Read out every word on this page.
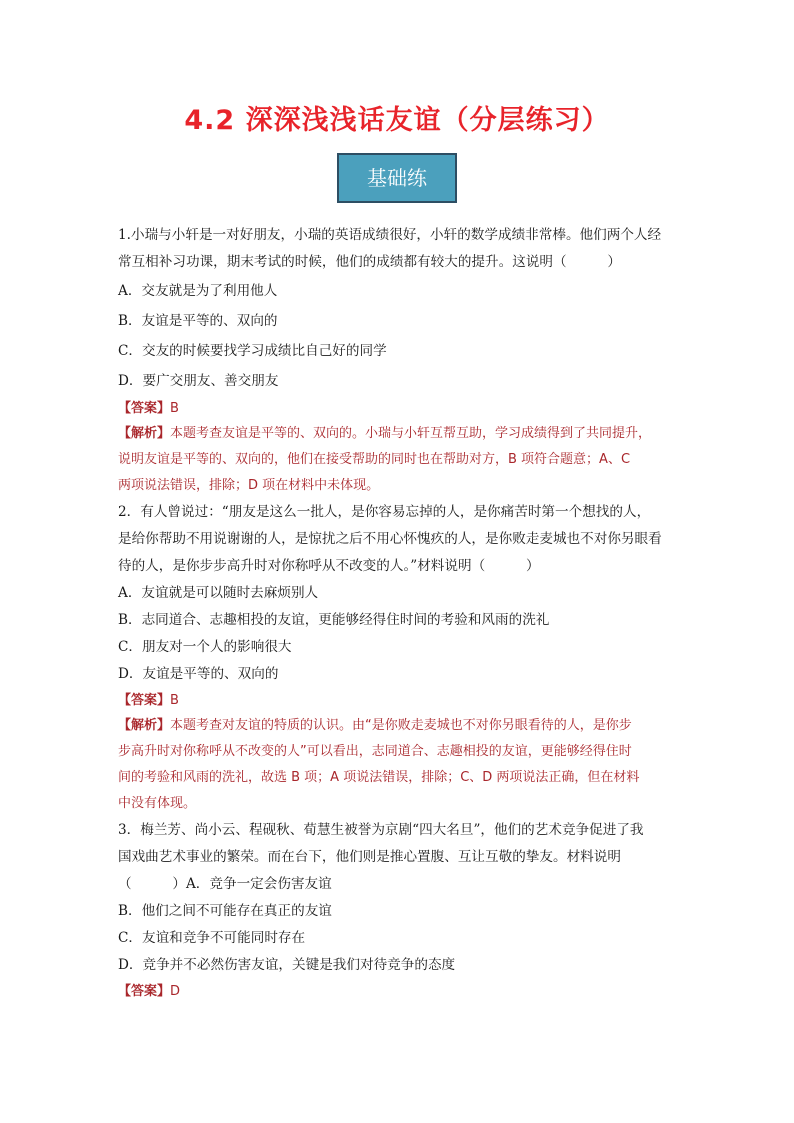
4.2 深深浅浅话友谊（分层练习）
基础练
1.小瑞与小轩是一对好朋友，小瑞的英语成绩很好，小轩的数学成绩非常棒。他们两个人经
常互相补习功课，期末考试的时候，他们的成绩都有较大的提升。这说明（　　　）
A．交友就是为了利用他人
B．友谊是平等的、双向的
C．交友的时候要找学习成绩比自己好的同学
D．要广交朋友、善交朋友
【答案】B
【解析】本题考查友谊是平等的、双向的。小瑞与小轩互帮互助，学习成绩得到了共同提升，
说明友谊是平等的、双向的，他们在接受帮助的同时也在帮助对方，B 项符合题意；A、C
两项说法错误，排除；D 项在材料中未体现。
2．有人曾说过：“朋友是这么一批人，是你容易忘掉的人，是你痛苦时第一个想找的人，
是给你帮助不用说谢谢的人，是惊扰之后不用心怀愧疚的人，是你败走麦城也不对你另眼看
待的人，是你步步高升时对你称呼从不改变的人。”材料说明（　　　）
A．友谊就是可以随时去麻烦别人
B．志同道合、志趣相投的友谊，更能够经得住时间的考验和风雨的洗礼
C．朋友对一个人的影响很大
D．友谊是平等的、双向的
【答案】B
【解析】本题考查对友谊的特质的认识。由“是你败走麦城也不对你另眼看待的人，是你步
步高升时对你称呼从不改变的人”可以看出，志同道合、志趣相投的友谊，更能够经得住时
间的考验和风雨的洗礼，故选 B 项；A 项说法错误，排除；C、D 两项说法正确，但在材料
中没有体现。
3．梅兰芳、尚小云、程砚秋、荀慧生被誉为京剧“四大名旦”，他们的艺术竞争促进了我
国戏曲艺术事业的繁荣。而在台下，他们则是推心置腹、互让互敬的挚友。材料说明
（　　　）A．竞争一定会伤害友谊
B．他们之间不可能存在真正的友谊
C．友谊和竞争不可能同时存在
D．竞争并不必然伤害友谊，关键是我们对待竞争的态度
【答案】D
